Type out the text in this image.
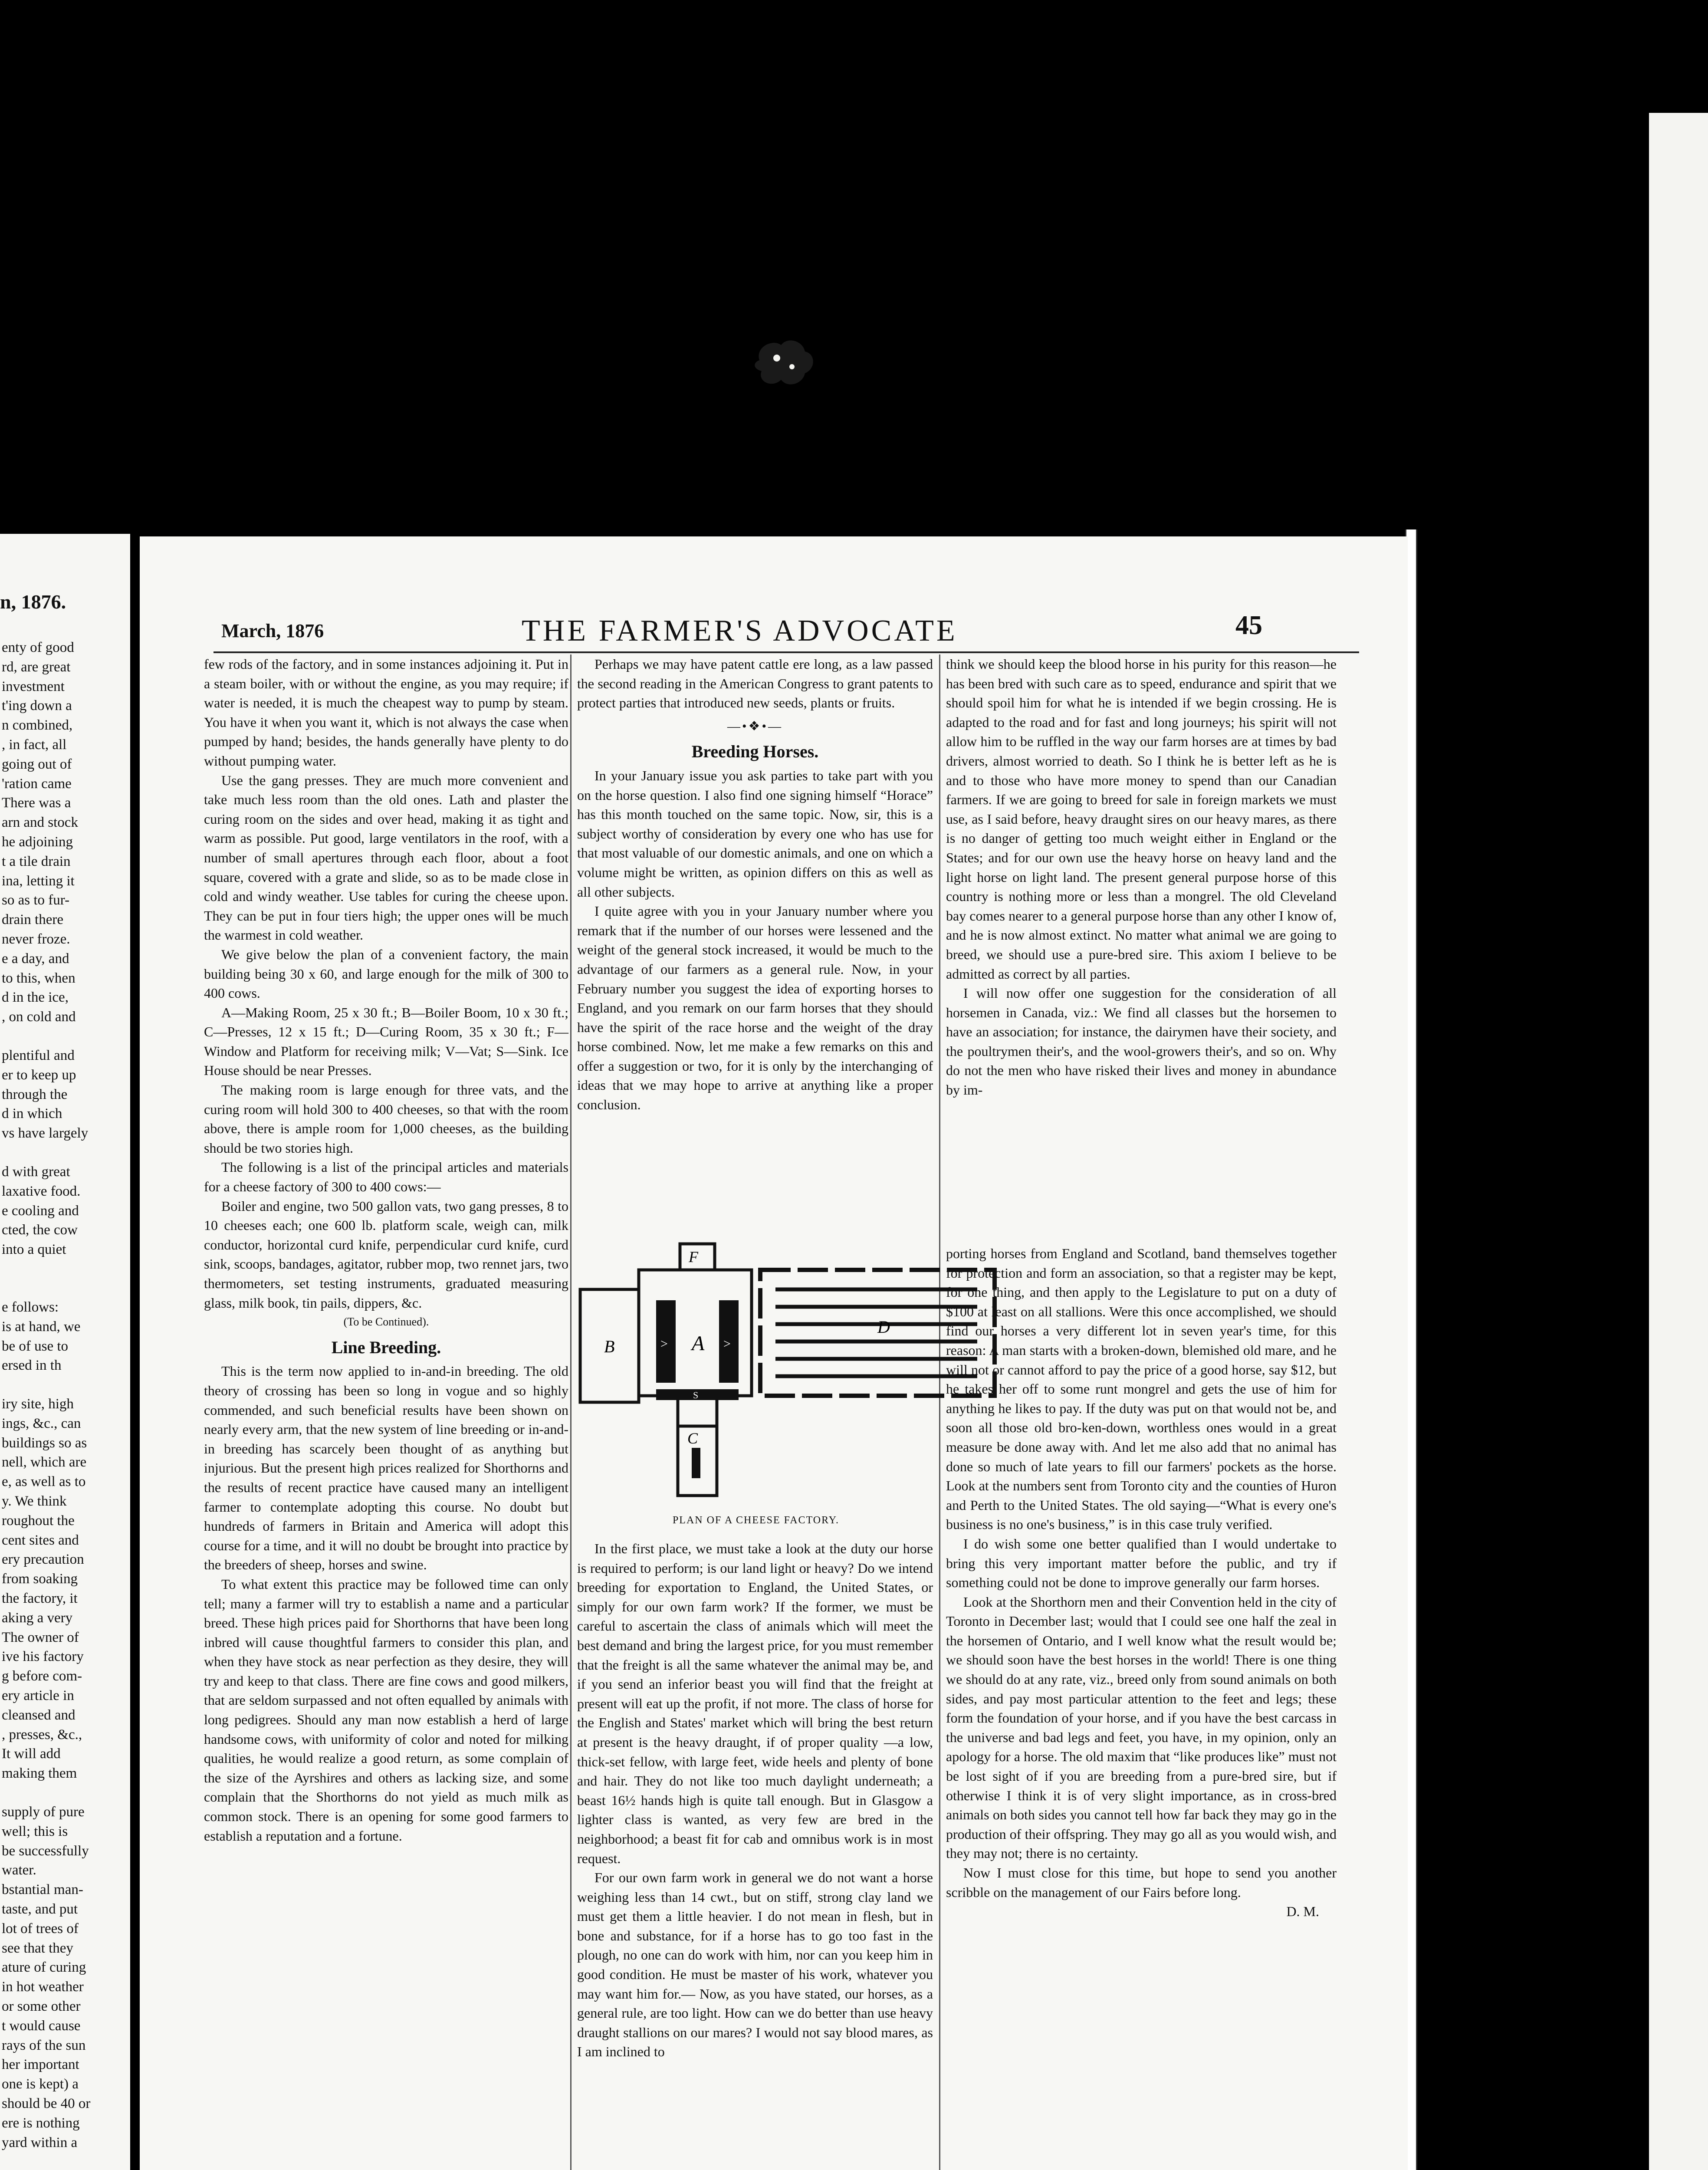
n, 1876.

enty of good

rd, are great

investment

t'ing down a

n combined,

, in fact, all

going out of

'ration came

There was a

arn and stock

he adjoining

t a tile drain

ina, letting it

so as to fur-

drain there

never froze.

e a day, and

to this, when

d in the ice,

, on cold and

plentiful and

er to keep up

through the

d in which

vs have largely

d with great

laxative food.

e cooling and

cted, the cow

into a quiet

e follows:

is at hand, we

be of use to

ersed in th

iry site, high

ings, &c., can

buildings so as

nell, which are

e, as well as to

y. We think

roughout the

cent sites and

ery precaution

from soaking

the factory, it

aking a very

The owner of

ive his factory

g before com-

ery article in

cleansed and

, presses, &c.,

It will add

making them

supply of pure

well; this is

be successfully

water.

bstantial man-

taste, and put

lot of trees of

see that they

ature of curing

in hot weather

or some other

t would cause

rays of the sun

her important

one is kept) a

should be 40 or

ere is nothing

yard within a

March, 1876	THE FARMER'S ADVOCATE	45

few rods of the factory, and in some instances adjoining it. Put in a steam boiler, with or without the engine, as you may require; if water is needed, it is much the cheapest way to pump by steam. You have it when you want it, which is not always the case when pumped by hand; besides, the hands generally have plenty to do without pumping water.

Use the gang presses. They are much more convenient and take much less room than the old ones. Lath and plaster the curing room on the sides and over head, making it as tight and warm as possible. Put good, large ventilators in the roof, with a number of small apertures through each floor, about a foot square, covered with a grate and slide, so as to be made close in cold and windy weather. Use tables for curing the cheese upon. They can be put in four tiers high; the upper ones will be much the warmest in cold weather.

We give below the plan of a convenient factory, the main building being 30 x 60, and large enough for the milk of 300 to 400 cows.

A—Making Room, 25 x 30 ft.; B—Boiler Boom, 10 x 30 ft.; C—Presses, 12 x 15 ft.; D—Curing Room, 35 x 30 ft.; F—Window and Platform for receiving milk; V—Vat; S—Sink. Ice House should be near Presses.

The making room is large enough for three vats, and the curing room will hold 300 to 400 cheeses, so that with the room above, there is ample room for 1,000 cheeses, as the building should be two stories high.

The following is a list of the principal articles and materials for a cheese factory of 300 to 400 cows:—

Boiler and engine, two 500 gallon vats, two gang presses, 8 to 10 cheeses each; one 600 lb. platform scale, weigh can, milk conductor, horizontal curd knife, perpendicular curd knife, curd sink, scoops, bandages, agitator, rubber mop, two rennet jars, two thermometers, set testing instruments, graduated measuring glass, milk book, tin pails, dippers, &c.

(To be Continued).

Line Breeding.

This is the term now applied to in-and-in breeding. The old theory of crossing has been so long in vogue and so highly commended, and such beneficial results have been shown on nearly every arm, that the new system of line breeding or in-and-in breeding has scarcely been thought of as anything but injurious. But the present high prices realized for Shorthorns and the results of recent practice have caused many an intelligent farmer to contemplate adopting this course. No doubt but hundreds of farmers in Britain and America will adopt this course for a time, and it will no doubt be brought into practice by the breeders of sheep, horses and swine.

To what extent this practice may be followed time can only tell; many a farmer will try to establish a name and a particular breed. These high prices paid for Shorthorns that have been long inbred will cause thoughtful farmers to consider this plan, and when they have stock as near perfection as they desire, they will try and keep to that class. There are fine cows and good milkers, that are seldom surpassed and not often equalled by animals with long pedigrees. Should any man now establish a herd of large handsome cows, with uniformity of color and noted for milking qualities, he would realize a good return, as some complain of the size of the Ayrshires and others as lacking size, and some complain that the Shorthorns do not yield as much milk as common stock. There is an opening for some good farmers to establish a reputation and a fortune.

Perhaps we may have patent cattle ere long, as a law passed the second reading in the American Congress to grant patents to protect parties that introduced new seeds, plants or fruits.

—•❖•—
Breeding Horses.

In your January issue you ask parties to take part with you on the horse question. I also find one signing himself “Horace” has this month touched on the same topic. Now, sir, this is a subject worthy of consideration by every one who has use for that most valuable of our domestic animals, and one on which a volume might be written, as opinion differs on this as well as all other subjects.

I quite agree with you in your January number where you remark that if the number of our horses were lessened and the weight of the general stock increased, it would be much to the advantage of our farmers as a general rule. Now, in your February number you suggest the idea of exporting horses to England, and you remark on our farm horses that they should have the spirit of the race horse and the weight of the dray horse combined. Now, let me make a few remarks on this and offer a suggestion or two, for it is only by the interchanging of ideas that we may hope to arrive at anything like a proper conclusion.

F
B	A
D
S
C
>	>
PLAN OF A CHEESE FACTORY.

In the first place, we must take a look at the duty our horse is required to perform; is our land light or heavy? Do we intend breeding for exportation to England, the United States, or simply for our own farm work? If the former, we must be careful to ascertain the class of animals which will meet the best demand and bring the largest price, for you must remember that the freight is all the same whatever the animal may be, and if you send an inferior beast you will find that the freight at present will eat up the profit, if not more. The class of horse for the English and States' market which will bring the best return at present is the heavy draught, if of proper quality —a low, thick-set fellow, with large feet, wide heels and plenty of bone and hair. They do not like too much daylight underneath; a beast 16½ hands high is quite tall enough. But in Glasgow a lighter class is wanted, as very few are bred in the neighborhood; a beast fit for cab and omnibus work is in most request.

For our own farm work in general we do not want a horse weighing less than 14 cwt., but on stiff, strong clay land we must get them a little heavier. I do not mean in flesh, but in bone and substance, for if a horse has to go too fast in the plough, no one can do work with him, nor can you keep him in good condition. He must be master of his work, whatever you may want him for.— Now, as you have stated, our horses, as a general rule, are too light. How can we do better than use heavy draught stallions on our mares? I would not say blood mares, as I am inclined to

think we should keep the blood horse in his purity for this reason—he has been bred with such care as to speed, endurance and spirit that we should spoil him for what he is intended if we begin crossing. He is adapted to the road and for fast and long journeys; his spirit will not allow him to be ruffled in the way our farm horses are at times by bad drivers, almost worried to death. So I think he is better left as he is and to those who have more money to spend than our Canadian farmers. If we are going to breed for sale in foreign markets we must use, as I said before, heavy draught sires on our heavy mares, as there is no danger of getting too much weight either in England or the States; and for our own use the heavy horse on heavy land and the light horse on light land. The present general purpose horse of this country is nothing more or less than a mongrel. The old Cleveland bay comes nearer to a general purpose horse than any other I know of, and he is now almost extinct. No matter what animal we are going to breed, we should use a pure-bred sire. This axiom I believe to be admitted as correct by all parties.

I will now offer one suggestion for the consideration of all horsemen in Canada, viz.: We find all classes but the horsemen to have an association; for instance, the dairymen have their society, and the poultrymen their's, and the wool-growers their's, and so on. Why do not the men who have risked their lives and money in abundance by im-

porting horses from England and Scotland, band themselves together for protection and form an association, so that a register may be kept, for one thing, and then apply to the Legislature to put on a duty of $100 at least on all stallions. Were this once accomplished, we should find our horses a very different lot in seven year's time, for this reason: A man starts with a broken-down, blemished old mare, and he will not or cannot afford to pay the price of a good horse, say $12, but he takes her off to some runt mongrel and gets the use of him for anything he likes to pay. If the duty was put on that would not be, and soon all those old bro-ken-down, worthless ones would in a great measure be done away with. And let me also add that no animal has done so much of late years to fill our farmers' pockets as the horse. Look at the numbers sent from Toronto city and the counties of Huron and Perth to the United States. The old saying—“What is every one's business is no one's business,” is in this case truly verified.

I do wish some one better qualified than I would undertake to bring this very important matter before the public, and try if something could not be done to improve generally our farm horses.

Look at the Shorthorn men and their Convention held in the city of Toronto in December last; would that I could see one half the zeal in the horsemen of Ontario, and I well know what the result would be; we should soon have the best horses in the world! There is one thing we should do at any rate, viz., breed only from sound animals on both sides, and pay most particular attention to the feet and legs; these form the foundation of your horse, and if you have the best carcass in the universe and bad legs and feet, you have, in my opinion, only an apology for a horse. The old maxim that “like produces like” must not be lost sight of if you are breeding from a pure-bred sire, but if otherwise I think it is of very slight importance, as in cross-bred animals on both sides you cannot tell how far back they may go in the production of their offspring. They may go all as you would wish, and they may not; there is no certainty.

Now I must close for this time, but hope to send you another scribble on the management of our Fairs before long.

D. M.
